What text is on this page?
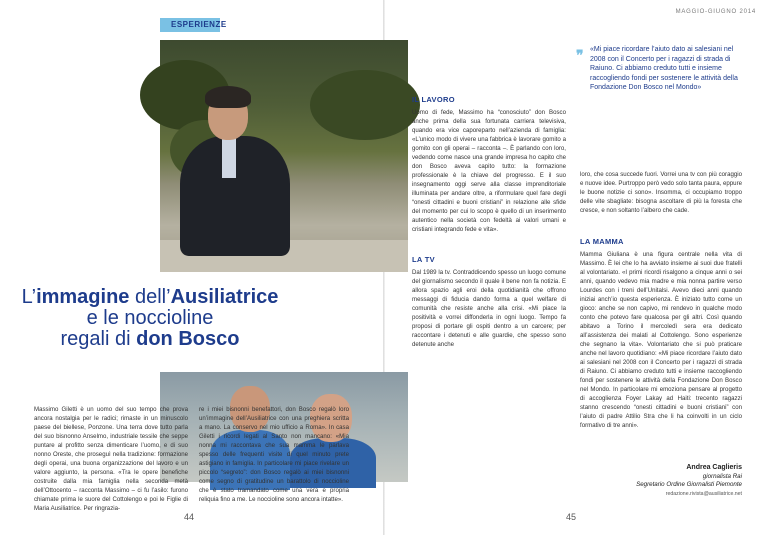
ESPERIENZE
MAGGIO-GIUGNO 2014
L’immagine dell’Ausiliatrice
e le noccioline
regali di don Bosco
Massimo Giletti è un uomo del suo tempo che prova ancora nostalgia per le radici; rimaste in un minuscolo paese del biellese, Ponzone. Una terra dove tutto parla del suo bisnonno Anselmo, industriale tessile che seppe puntare al profitto senza dimenticare l’uomo, e di suo nonno Oreste, che proseguì nella tradizione: formazione degli operai, una buona organizzazione del lavoro e un valore aggiunto, la persona. «Tra le opere benefiche costruite dalla mia famiglia nella seconda metà dell’Ottocento – racconta Massimo – ci fu l’asilo: furono chiamate prima le suore del Cottolengo e poi le Figlie di Maria Ausiliatrice. Per ringrazia-
re i miei bisnonni benefattori, don Bosco regalò loro un’immagine dell’Ausiliatrice con una preghiera scritta a mano. La conservo nel mio ufficio a Roma». In casa Giletti i ricordi legati al Santo non mancano: «Mia nonna mi raccontava che sua mamma le parlava spesso delle frequenti visite di quel minuto prete astigiano in famiglia. In particolare mi piace rivelare un piccolo “segreto”: don Bosco regalò ai miei bisnonni come segno di gratitudine un barattolo di noccioline che è stato tramandato come una vera e propria reliquia fino a me. Le noccioline sono ancora intatte».
44
❞ «Mi piace ricordare l’aiuto dato ai salesiani nel 2008 con il Concerto per i ragazzi di strada di Raiuno. Ci abbiamo creduto tutti e insieme raccogliendo fondi per sostenere le attività della Fondazione Don Bosco nel Mondo»
IL LAVORO
Uomo di fede, Massimo ha “conosciuto” don Bosco anche prima della sua fortunata carriera televisiva, quando era vice caporeparto nell’azienda di famiglia: «L’unico modo di vivere una fabbrica è lavorare gomito a gomito con gli operai – racconta –. È parlando con loro, vedendo come nasce una grande impresa ho capito che don Bosco aveva capito tutto: la formazione professionale è la chiave del progresso. E il suo insegnamento oggi serve alla classe imprenditoriale illuminata per andare oltre, a riformulare quel fare degli “onesti cittadini e buoni cristiani” in relazione alle sfide del momento per cui lo scopo è quello di un inserimento autentico nella società con fedeltà ai valori umani e cristiani integrando fede e vita».
LA TV
Dal 1989 la tv. Contraddicendo spesso un luogo comune del giornalismo secondo il quale il bene non fa notizia. E allora spazio agli eroi della quotidianità che offrono messaggi di fiducia dando forma a quel welfare di comunità che resiste anche alla crisi. «Mi piace la positività e vorrei diffonderla in ogni luogo. Tempo fa proposi di portare gli ospiti dentro a un carcere; per raccontare i detenuti e alle guardie, che spesso sono detenute anche
loro, che cosa succede fuori. Vorrei una tv con più coraggio e nuove idee. Purtroppo però vedo solo tanta paura, eppure le buone notizie ci sono». Insomma, ci occupiamo troppo delle vite sbagliate: bisogna ascoltare di più la foresta che cresce, e non soltanto l’albero che cade.
LA MAMMA
Mamma Giuliana è una figura centrale nella vita di Massimo. È lei che lo ha avviato insieme ai suoi due fratelli al volontariato. «I primi ricordi risalgono a cinque anni o sei anni, quando vedevo mia madre e mia nonna partire verso Lourdes con i treni dell’Unitalsi. Avevo dieci anni quando iniziai anch’io questa esperienza. È iniziato tutto come un gioco: anche se non capivo, mi rendevo in qualche modo conto che potevo fare qualcosa per gli altri. Così quando abitavo a Torino il mercoledì sera era dedicato all’assistenza dei malati al Cottolengo. Sono esperienze che segnano la vita». Volontariato che si può praticare anche nel lavoro quotidiano: «Mi piace ricordare l’aiuto dato ai salesiani nel 2008 con il Concerto per i ragazzi di strada di Raiuno. Ci abbiamo creduto tutti e insieme raccogliendo fondi per sostenere le attività della Fondazione Don Bosco nel Mondo. In particolare mi emoziona pensare al progetto di accoglienza Foyer Lakay ad Haiti: trecento ragazzi stanno crescendo “onesti cittadini e buoni cristiani” con l’aiuto di padre Attilio Stra che li ha coinvolti in un ciclo formativo di tre anni».
Andrea Caglieris
giornalista Rai
Segretario Ordine Giornalisti Piemonte
redazione.rivista@ausiliatrice.net
45
